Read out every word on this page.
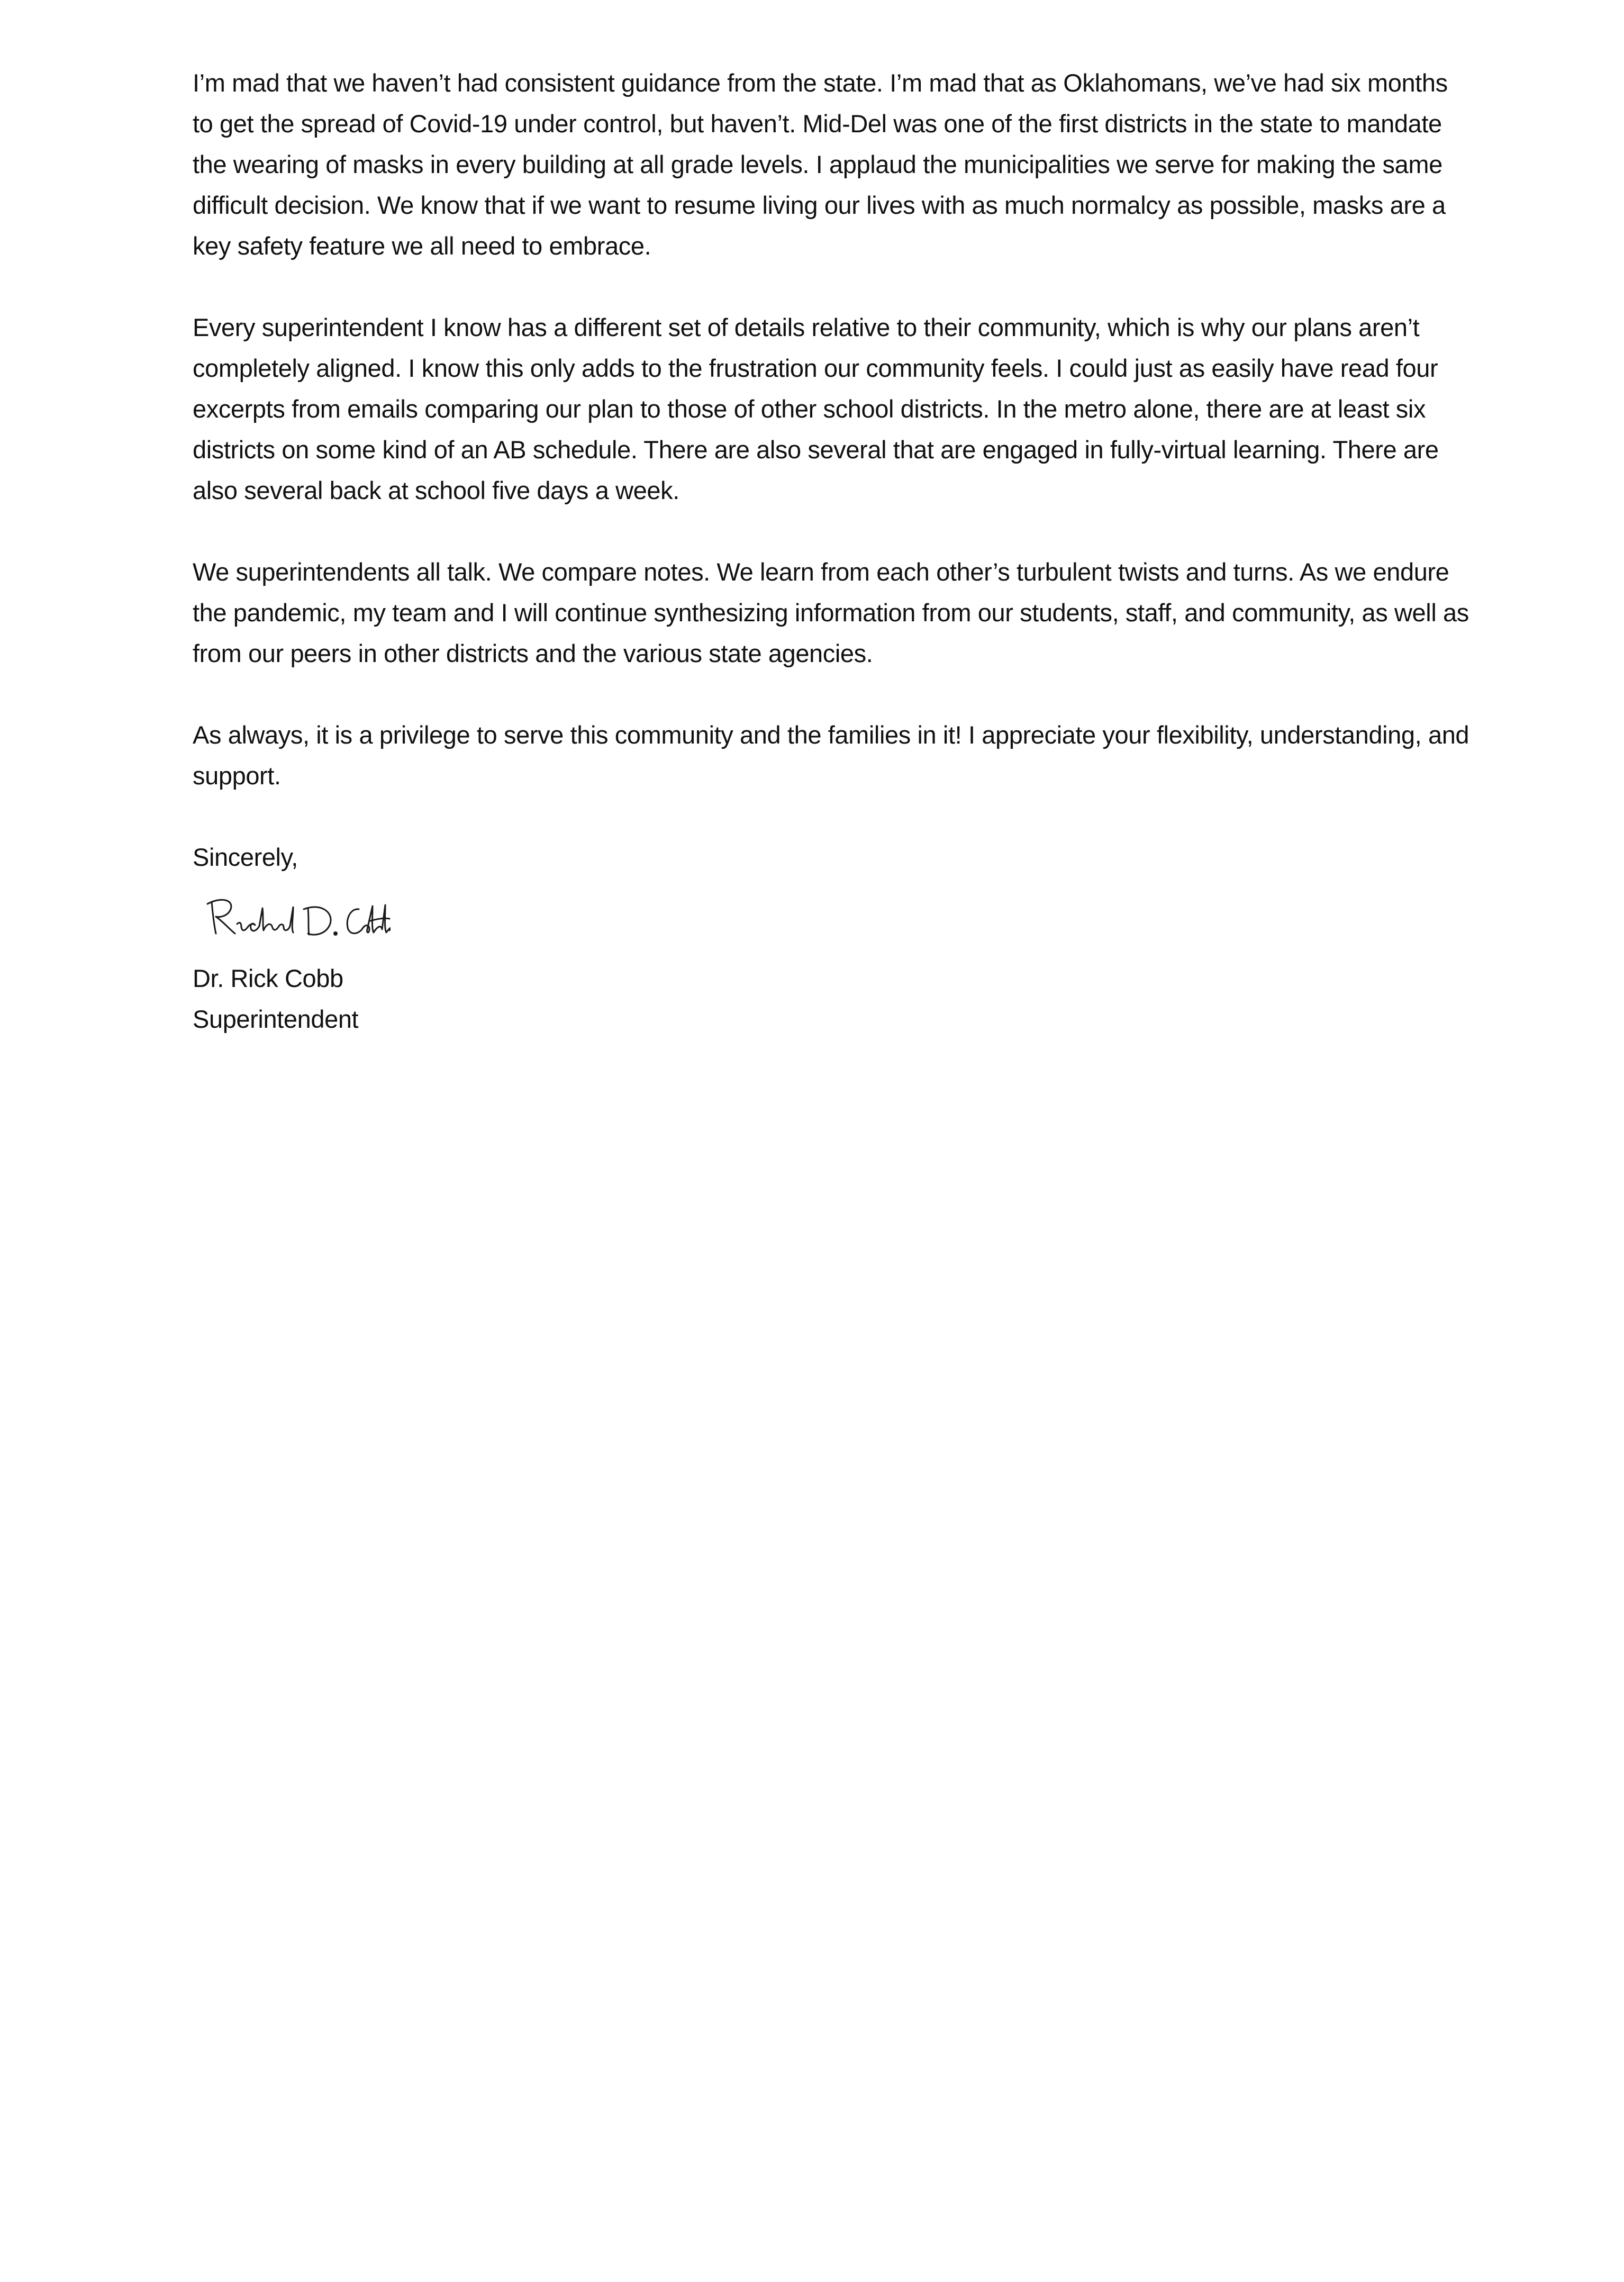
I’m mad that we haven’t had consistent guidance from the state. I’m mad that as Oklahomans, we’ve had six months to get the spread of Covid-19 under control, but haven’t. Mid-Del was one of the first districts in the state to mandate the wearing of masks in every building at all grade levels. I applaud the municipalities we serve for making the same difficult decision. We know that if we want to resume living our lives with as much normalcy as possible, masks are a key safety feature we all need to embrace.

Every superintendent I know has a different set of details relative to their community, which is why our plans aren’t completely aligned. I know this only adds to the frustration our community feels. I could just as easily have read four excerpts from emails comparing our plan to those of other school districts. In the metro alone, there are at least six districts on some kind of an AB schedule. There are also several that are engaged in fully-virtual learning. There are also several back at school five days a week.

We superintendents all talk. We compare notes. We learn from each other’s turbulent twists and turns. As we endure the pandemic, my team and I will continue synthesizing information from our students, staff, and community, as well as from our peers in other districts and the various state agencies.

As always, it is a privilege to serve this community and the families in it! I appreciate your flexibility, understanding, and support.

Sincerely,

Dr. Rick Cobb
Superintendent
